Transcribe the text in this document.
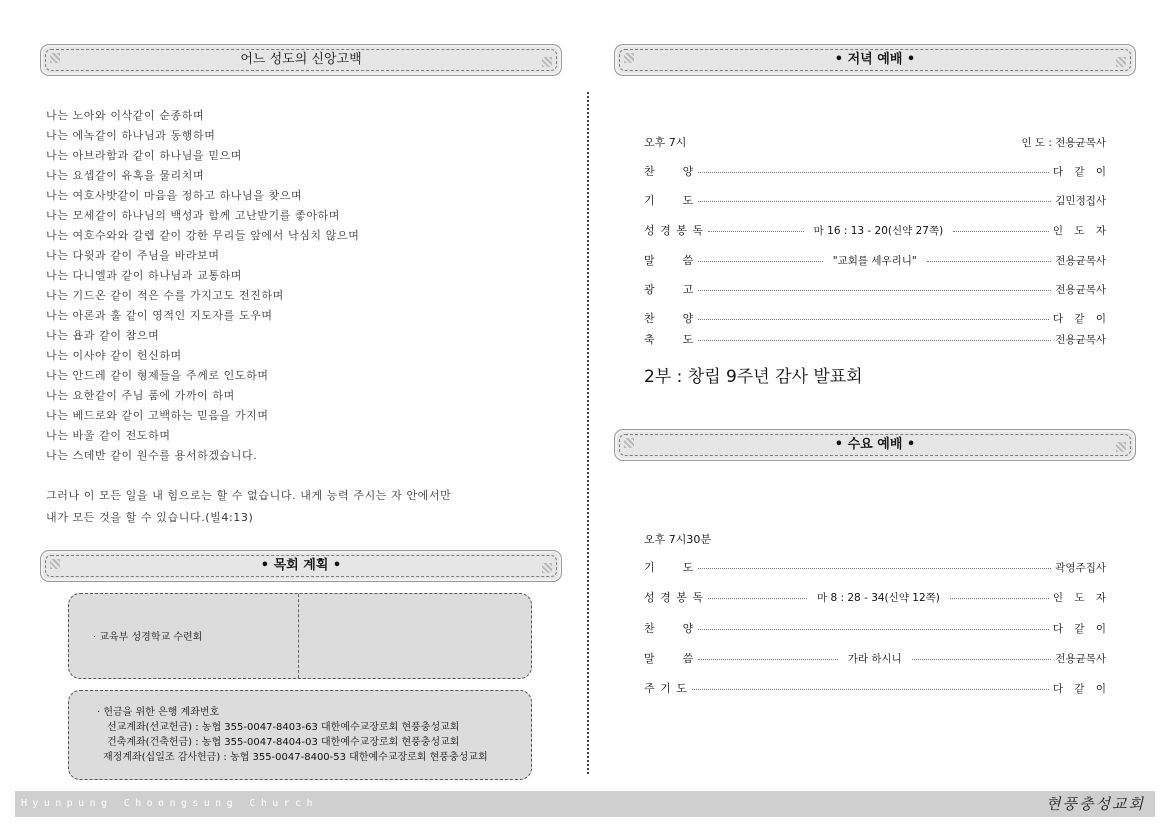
어느 성도의 신앙고백
나는 노아와 이삭같이 순종하며
나는 에녹같이 하나님과 동행하며
나는 아브라함과 같이 하나님을 믿으며
나는 요셉같이 유혹을 물리치며
나는 여호사밧같이 마음을 정하고 하나님을 찾으며
나는 모세같이 하나님의 백성과 함께 고난받기를 좋아하며
나는 여호수와와 갈렙 같이 강한 무리들 앞에서 낙심치 않으며
나는 다윗과 같이 주님을 바라보며
나는 다니엘과 같이 하나님과 교통하며
나는 기드온 같이 적은 수를 가지고도 전진하며
나는 아론과 훌 같이 영적인 지도자를 도우며
나는 욥과 같이 참으며
나는 이사야 같이 헌신하며
나는 안드레 같이 형제들을 주께로 인도하며
나는 요한같이 주님 품에 가까이 하며
나는 베드로와 같이 고백하는 믿음을 가지며
나는 바울 같이 전도하며
나는 스데반 같이 원수를 용서하겠습니다.
그러나 이 모든 일을 내 힘으로는 할 수 없습니다. 내게 능력 주시는 자 안에서만
내가 모든 것을 할 수 있습니다.(빌4:13)
• 목회 계획 •
· 교육부 성경학교 수련회
· 헌금을 위한 은행 계좌번호
선교계좌(선교헌금) : 농협 355-0047-8403-63 대한예수교장로회 현풍충성교회
건축계좌(건축헌금) : 농협 355-0047-8404-03 대한예수교장로회 현풍충성교회
재정계좌(십일조 감사헌금) : 농협 355-0047-8400-53 대한예수교장로회 현풍충성교회
• 저녁 예배 •
오후 7시	인 도 : 전용균목사
찬      양	다 같 이
기      도	김민정집사
성 경 봉 독	마 16 : 13 - 20(신약 27쪽)	인 도 자
말      씀	"교회를 세우리니"	전용균목사
광      고	전용균목사
찬      양	다 같 이
축      도	전용균목사
2부 : 창립 9주년 감사 발표회
• 수요 예배 •
오후 7시30분
기      도	곽영주집사
성 경 봉 독	마 8 : 28 - 34(신약 12쪽)	인 도 자
찬      양	다 같 이
말      씀	가라 하시니	전용균목사
주 기 도	다 같 이
Hyunpung Choongsung Church	현풍충성교회
